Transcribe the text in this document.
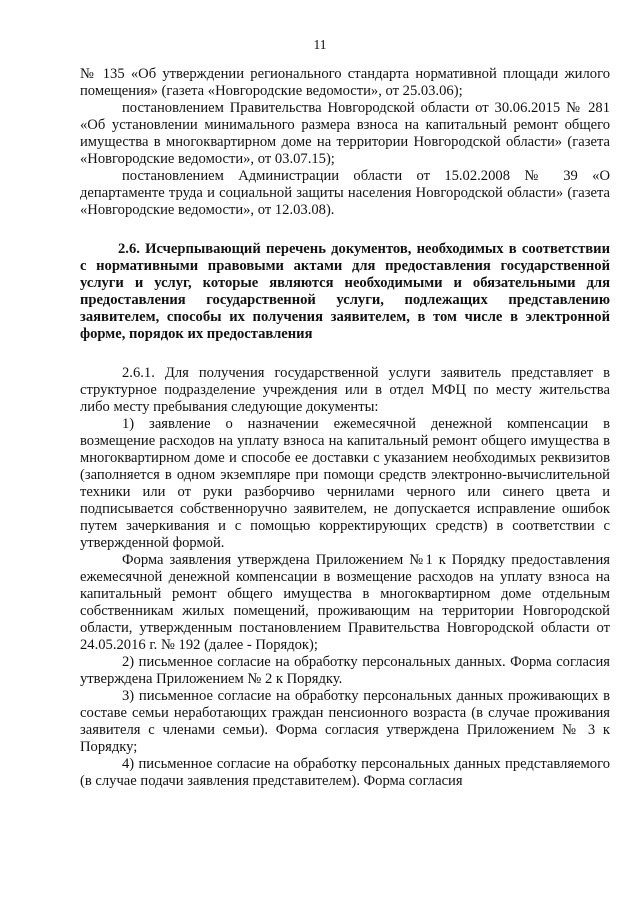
11

№ 135 «Об утверждении регионального стандарта нормативной площади жилого помещения» (газета «Новгородские ведомости», от 25.03.06);

постановлением Правительства Новгородской области от 30.06.2015 № 281 «Об установлении минимального размера взноса на капитальный ремонт общего имущества в многоквартирном доме на территории Новгородской области» (газета «Новгородские ведомости», от 03.07.15);

постановлением Администрации области от 15.02.2008 № 39 «О департаменте труда и социальной защиты населения Новгородской области» (газета «Новгородские ведомости», от 12.03.08).

2.6. Исчерпывающий перечень документов, необходимых в соответствии с нормативными правовыми актами для предоставления государственной услуги и услуг, которые являются необходимыми и обязательными для предоставления государственной услуги, подлежащих представлению заявителем, способы их получения заявителем, в том числе в электронной форме, порядок их предоставления

2.6.1. Для получения государственной услуги заявитель представляет в структурное подразделение учреждения или в отдел МФЦ по месту жительства либо месту пребывания следующие документы:

1) заявление о назначении ежемесячной денежной компенсации в возмещение расходов на уплату взноса на капитальный ремонт общего имущества в многоквартирном доме и способе ее доставки с указанием необходимых реквизитов (заполняется в одном экземпляре при помощи средств электронно-вычислительной техники или от руки разборчиво чернилами черного или синего цвета и подписывается собственноручно заявителем, не допускается исправление ошибок путем зачеркивания и с помощью корректирующих средств) в соответствии с утвержденной формой.

Форма заявления утверждена Приложением №1 к Порядку предоставления ежемесячной денежной компенсации в возмещение расходов на уплату взноса на капитальный ремонт общего имущества в многоквартирном доме отдельным собственникам жилых помещений, проживающим на территории Новгородской области, утвержденным постановлением Правительства Новгородской области от 24.05.2016 г. № 192 (далее - Порядок);

2) письменное согласие на обработку персональных данных. Форма согласия утверждена Приложением № 2 к Порядку.

3) письменное согласие на обработку персональных данных проживающих в составе семьи неработающих граждан пенсионного возраста (в случае проживания заявителя с членами семьи). Форма согласия утверждена Приложением № 3 к Порядку;

4) письменное согласие на обработку персональных данных представляемого (в случае подачи заявления представителем). Форма согласия
